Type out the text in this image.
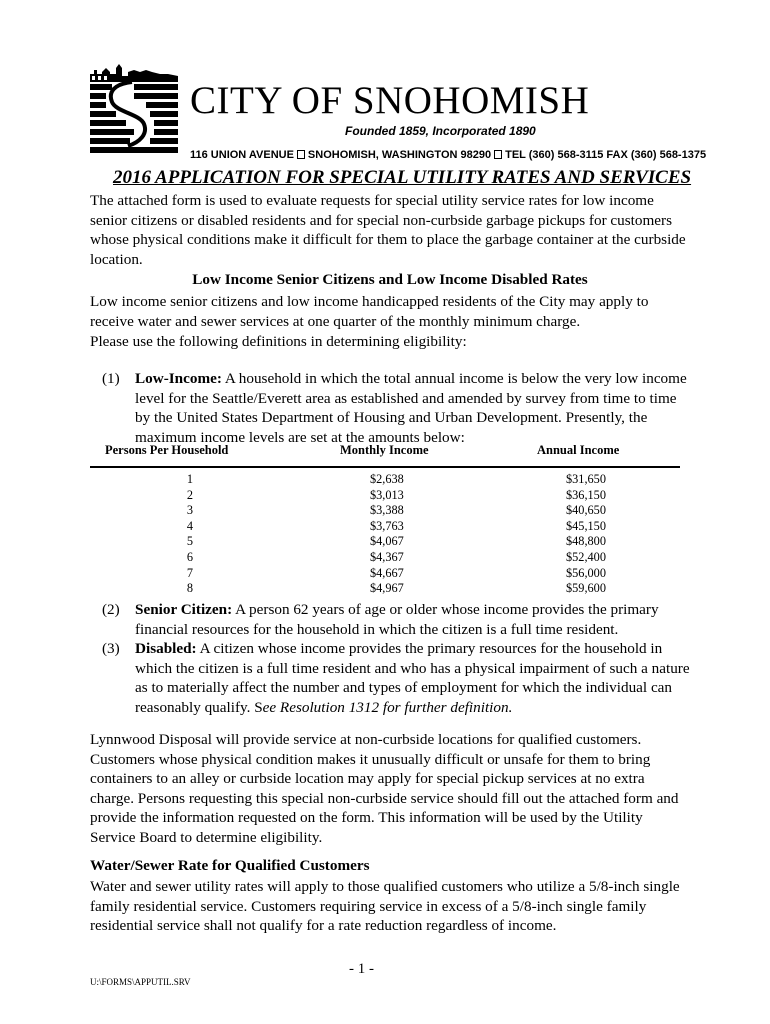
CITY OF SNOHOMISH
Founded 1859, Incorporated 1890
116 UNION AVENUE SNOHOMISH, WASHINGTON 98290 TEL (360) 568-3115 FAX (360) 568-1375
2016 APPLICATION FOR SPECIAL UTILITY RATES AND SERVICES

The attached form is used to evaluate requests for special utility service rates for low income senior citizens or disabled residents and for special non-curbside garbage pickups for customers whose physical conditions make it difficult for them to place the garbage container at the curbside location.

Low Income Senior Citizens and Low Income Disabled Rates

Low income senior citizens and low income handicapped residents of the City may apply to receive water and sewer services at one quarter of the monthly minimum charge.

Please use the following definitions in determining eligibility:

(1) Low-Income: A household in which the total annual income is below the very low income level for the Seattle/Everett area as established and amended by survey from time to time by the United States Department of Housing and Urban Development. Presently, the maximum income levels are set at the amounts below:
Persons Per Household	Monthly Income	Annual Income
1
2
3
4
5
6
7
8
$2,638
$3,013
$3,388
$3,763
$4,067
$4,367
$4,667
$4,967
$31,650
$36,150
$40,650
$45,150
$48,800
$52,400
$56,000
$59,600
(2) Senior Citizen: A person 62 years of age or older whose income provides the primary financial resources for the household in which the citizen is a full time resident.
(3) Disabled: A citizen whose income provides the primary resources for the household in which the citizen is a full time resident and who has a physical impairment of such a nature as to materially affect the number and types of employment for which the individual can reasonably qualify. See Resolution 1312 for further definition.

Lynnwood Disposal will provide service at non-curbside locations for qualified customers. Customers whose physical condition makes it unusually difficult or unsafe for them to bring containers to an alley or curbside location may apply for special pickup services at no extra charge. Persons requesting this special non-curbside service should fill out the attached form and provide the information requested on the form. This information will be used by the Utility Service Board to determine eligibility.

Water/Sewer Rate for Qualified Customers

Water and sewer utility rates will apply to those qualified customers who utilize a 5/8-inch single family residential service. Customers requiring service in excess of a 5/8-inch single family residential service shall not qualify for a rate reduction regardless of income.

U:\FORMS\APPUTIL.SRV
- 1 -
